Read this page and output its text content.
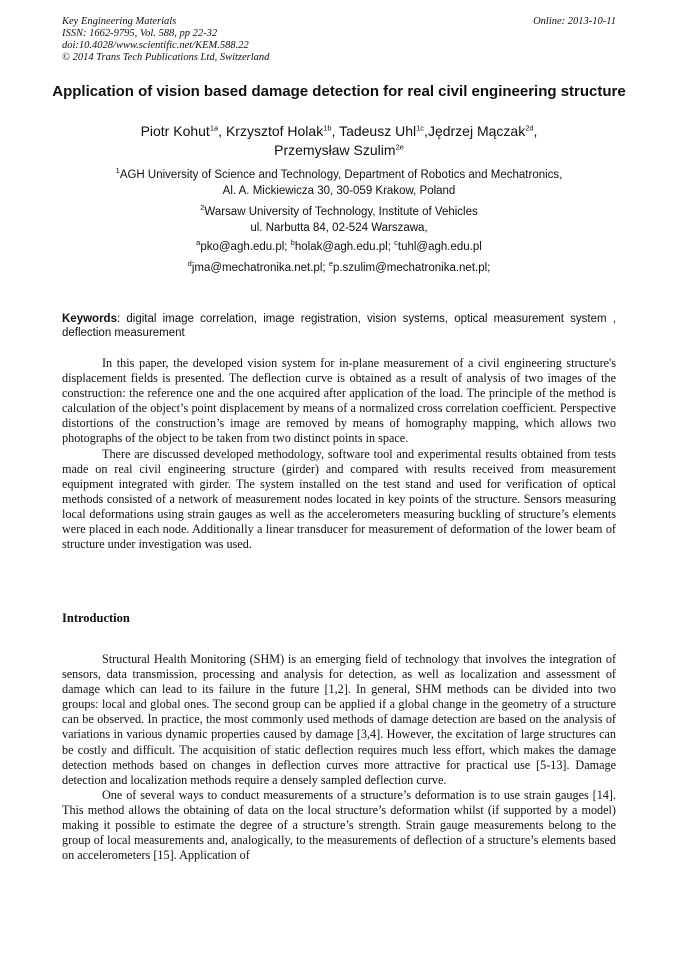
Key Engineering Materials
ISSN: 1662-9795, Vol. 588, pp 22-32
doi:10.4028/www.scientific.net/KEM.588.22
© 2014 Trans Tech Publications Ltd, Switzerland
Online: 2013-10-11
Application of vision based damage detection for real civil engineering structure
Piotr Kohut$^{1a}$, Krzysztof Holak$^{1b}$, Tadeusz Uhl$^{1c}$,Jędrzej Mączak$^{2d}$,
Przemysław Szulim$^{2e}$
$^1$AGH University of Science and Technology, Department of Robotics and Mechatronics,
Al. A. Mickiewicza 30, 30-059 Krakow, Poland
$^2$Warsaw University of Technology, Institute of Vehicles
ul. Narbutta 84, 02-524 Warszawa,
$^a$pko@agh.edu.pl; $^b$holak@agh.edu.pl; $^c$tuhl@agh.edu.pl
$^d$jma@mechatronika.net.pl; $^e$p.szulim@mechatronika.net.pl;
Keywords: digital image correlation, image registration, vision systems, optical measurement system , deflection measurement

In this paper, the developed vision system for in-plane measurement of a civil engineering structure's displacement fields is presented. The deflection curve is obtained as a result of analysis of two images of the construction: the reference one and the one acquired after application of the load. The principle of the method is calculation of the object’s point displacement by means of a normalized cross correlation coefficient. Perspective distortions of the construction’s image are removed by means of homography mapping, which allows two photographs of the object to be taken from two distinct points in space.

There are discussed developed methodology, software tool and experimental results obtained from tests made on real civil engineering structure (girder) and compared with results received from measurement equipment integrated with girder. The system installed on the test stand and used for verification of optical methods consisted of a network of measurement nodes located in key points of the structure. Sensors measuring local deformations using strain gauges as well as the accelerometers measuring buckling of structure’s elements were placed in each node. Additionally a linear transducer for measurement of deformation of the lower beam of structure under investigation was used.

Introduction

Structural Health Monitoring (SHM) is an emerging field of technology that involves the integration of sensors, data transmission, processing and analysis for detection, as well as localization and assessment of damage which can lead to its failure in the future [1,2]. In general, SHM methods can be divided into two groups: local and global ones. The second group can be applied if a global change in the geometry of a structure can be observed. In practice, the most commonly used methods of damage detection are based on the analysis of variations in various dynamic properties caused by damage [3,4]. However, the excitation of large structures can be costly and difficult. The acquisition of static deflection requires much less effort, which makes the damage detection methods based on changes in deflection curves more attractive for practical use [5-13]. Damage detection and localization methods require a densely sampled deflection curve.

One of several ways to conduct measurements of a structure’s deformation is to use strain gauges [14]. This method allows the obtaining of data on the local structure’s deformation whilst (if supported by a model) making it possible to estimate the degree of a structure’s strength. Strain gauge measurements belong to the group of local measurements and, analogically, to the measurements of deflection of a structure’s elements based on accelerometers [15]. Application of
